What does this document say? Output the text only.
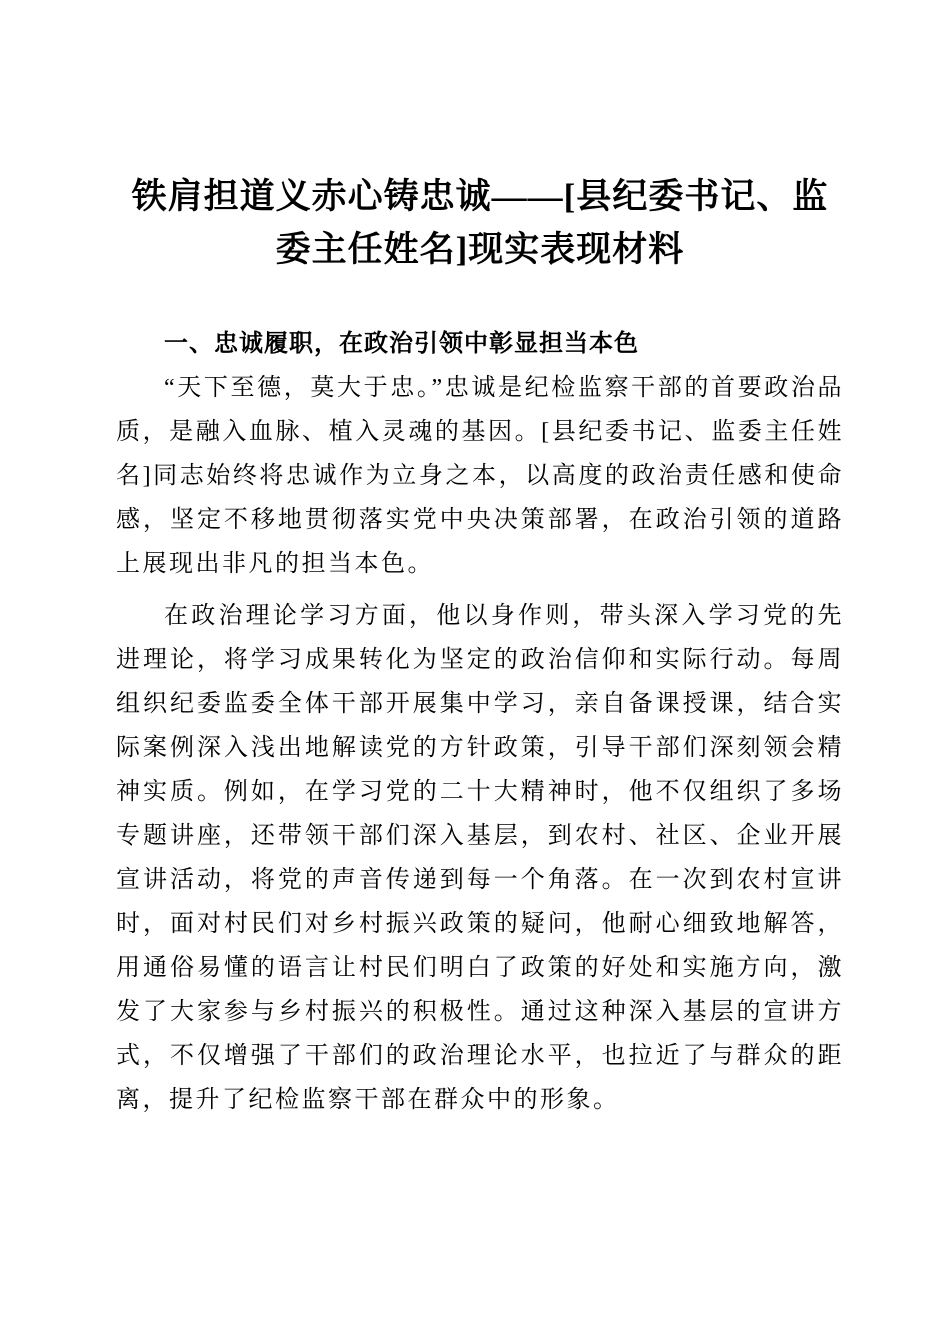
铁肩担道义赤心铸忠诚——[县纪委书记、监委主任姓名]现实表现材料
一、忠诚履职，在政治引领中彰显担当本色

“天下至德，莫大于忠。”忠诚是纪检监察干部的首要政治品质，是融入血脉、植入灵魂的基因。[县纪委书记、监委主任姓名]同志始终将忠诚作为立身之本，以高度的政治责任感和使命感，坚定不移地贯彻落实党中央决策部署，在政治引领的道路上展现出非凡的担当本色。

在政治理论学习方面，他以身作则，带头深入学习党的先进理论，将学习成果转化为坚定的政治信仰和实际行动。每周组织纪委监委全体干部开展集中学习，亲自备课授课，结合实际案例深入浅出地解读党的方针政策，引导干部们深刻领会精神实质。例如，在学习党的二十大精神时，他不仅组织了多场专题讲座，还带领干部们深入基层，到农村、社区、企业开展宣讲活动，将党的声音传递到每一个角落。在一次到农村宣讲时，面对村民们对乡村振兴政策的疑问，他耐心细致地解答，用通俗易懂的语言让村民们明白了政策的好处和实施方向，激发了大家参与乡村振兴的积极性。通过这种深入基层的宣讲方式，不仅增强了干部们的政治理论水平，也拉近了与群众的距离，提升了纪检监察干部在群众中的形象。
